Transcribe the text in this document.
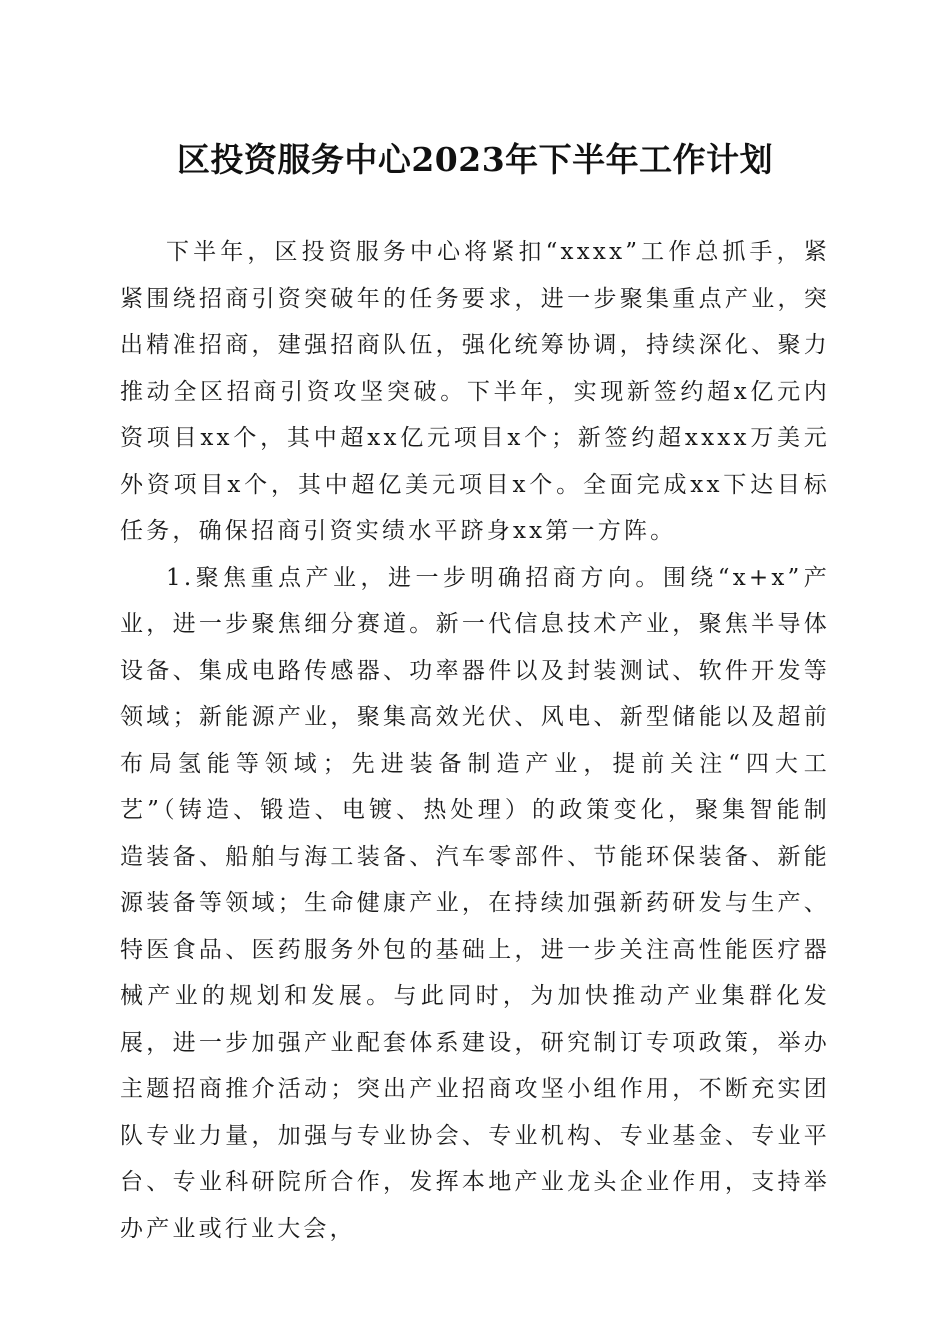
区投资服务中心2023年下半年工作计划

下半年，区投资服务中心将紧扣“xxxx”工作总抓手，紧紧围绕招商引资突破年的任务要求，进一步聚集重点产业，突出精准招商，建强招商队伍，强化统筹协调，持续深化、聚力推动全区招商引资攻坚突破。下半年，实现新签约超x亿元内资项目xx个，其中超xx亿元项目x个；新签约超xxxx万美元外资项目x个，其中超亿美元项目x个。全面完成xx下达目标任务，确保招商引资实绩水平跻身xx第一方阵。

1.聚焦重点产业，进一步明确招商方向。围绕“x+x”产业，进一步聚焦细分赛道。新一代信息技术产业，聚焦半导体设备、集成电路传感器、功率器件以及封装测试、软件开发等领域；新能源产业，聚集高效光伏、风电、新型储能以及超前布局氢能等领域；先进装备制造产业，提前关注“四大工艺”（铸造、锻造、电镀、热处理）的政策变化，聚集智能制造装备、船舶与海工装备、汽车零部件、节能环保装备、新能源装备等领域；生命健康产业，在持续加强新药研发与生产、特医食品、医药服务外包的基础上，进一步关注高性能医疗器械产业的规划和发展。与此同时，为加快推动产业集群化发展，进一步加强产业配套体系建设，研究制订专项政策，举办主题招商推介活动；突出产业招商攻坚小组作用，不断充实团队专业力量，加强与专业协会、专业机构、专业基金、专业平台、专业科研院所合作，发挥本地产业龙头企业作用，支持举办产业或行业大会，
